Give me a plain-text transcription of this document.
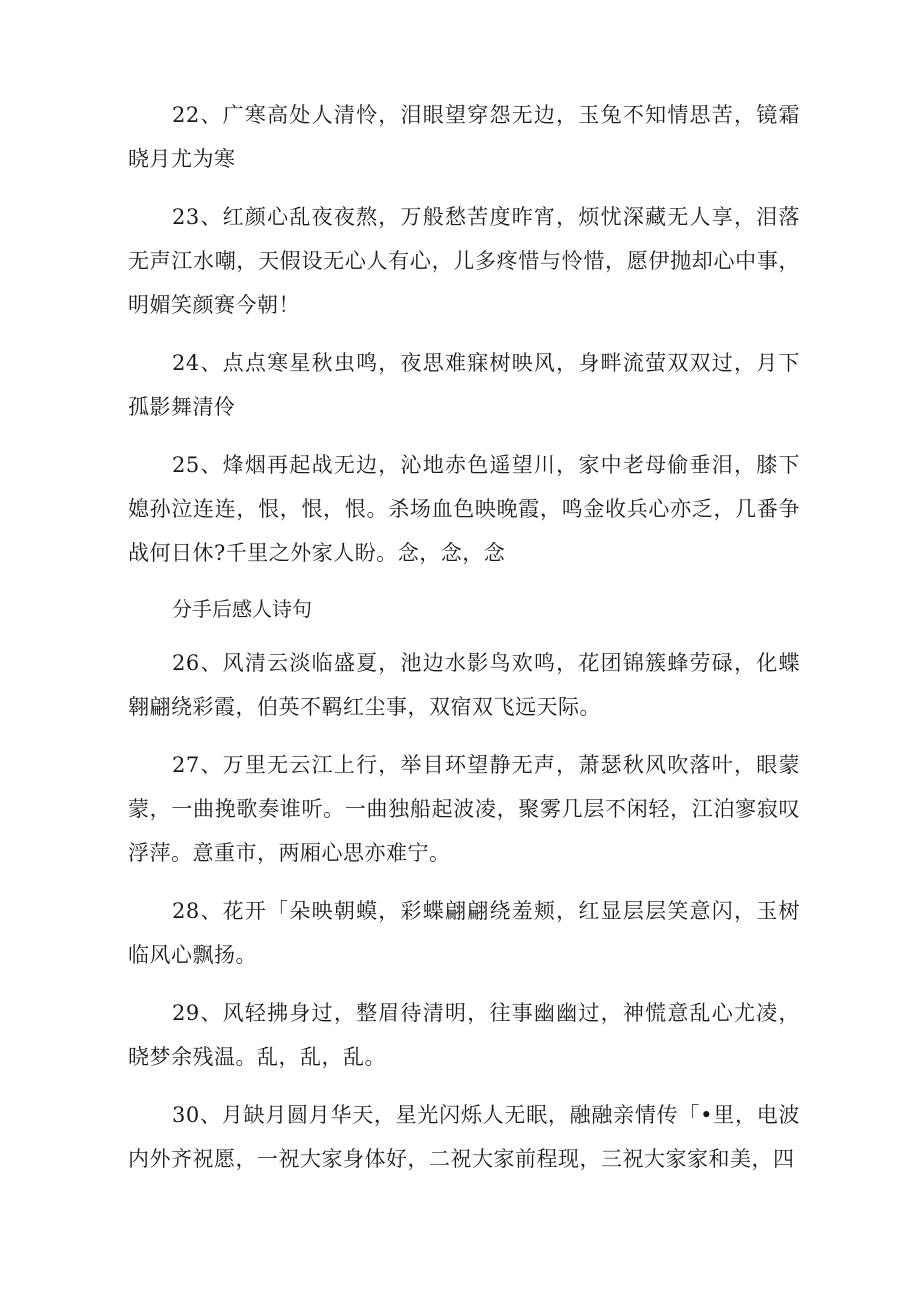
22、广寒高处人清怜，泪眼望穿怨无边，玉兔不知情思苦，镜霜晓月尤为寒

23、红颜心乱夜夜熬，万般愁苦度昨宵，烦忧深藏无人享，泪落无声江水嘲，天假设无心人有心，儿多疼惜与怜惜，愿伊抛却心中事，明媚笑颜赛今朝！

24、点点寒星秋虫鸣，夜思难寐树映风，身畔流萤双双过，月下孤影舞清伶

25、烽烟再起战无边，沁地赤色遥望川，家中老母偷垂泪，膝下媳孙泣连连，恨，恨，恨。杀场血色映晚霞，鸣金收兵心亦乏，几番争战何日休?千里之外家人盼。念，念，念

分手后感人诗句

26、风清云淡临盛夏，池边水影鸟欢鸣，花团锦簇蜂劳碌，化蝶翱翩绕彩霞，伯英不羁红尘事，双宿双飞远天际。

27、万里无云江上行，举目环望静无声，萧瑟秋风吹落叶，眼蒙蒙，一曲挽歌奏谁听。一曲独船起波凌，聚雾几层不闲轻，江泊寥寂叹浮萍。意重市，两厢心思亦难宁。

28、花开「朵映朝蟆，彩蝶翩翩绕羞颊，红显层层笑意闪，玉树临风心飘扬。

29、风轻拂身过，整眉待清明，往事幽幽过，神慌意乱心尤凌，晓梦余残温。乱，乱，乱。

30、月缺月圆月华天，星光闪烁人无眠，融融亲情传「•里，电波内外齐祝愿，一祝大家身体好，二祝大家前程现，三祝大家家和美，四
